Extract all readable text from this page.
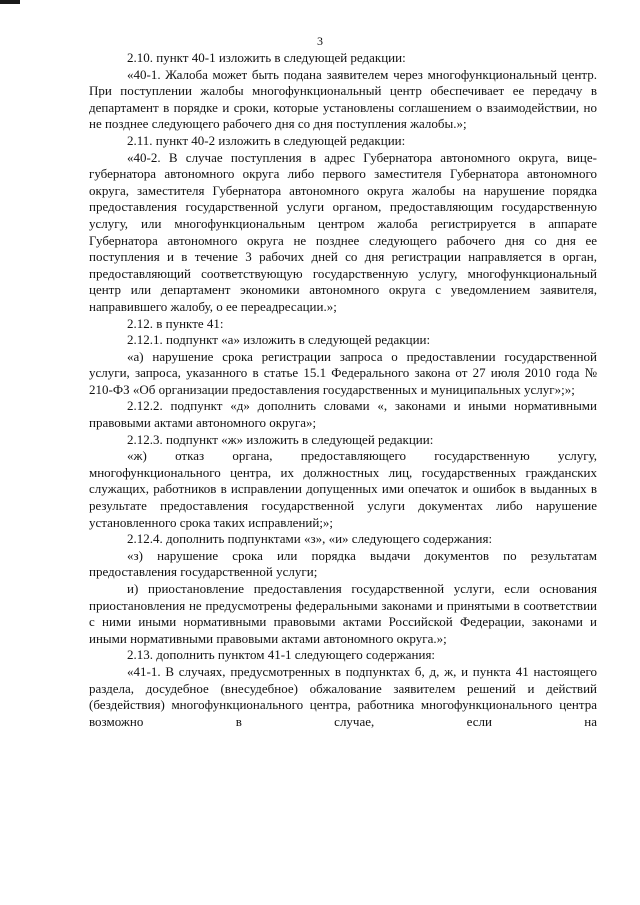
3

2.10. пункт 40-1 изложить в следующей редакции:

«40-1. Жалоба может быть подана заявителем через многофункциональный центр. При поступлении жалобы многофункциональный центр обеспечивает ее передачу в департамент в порядке и сроки, которые установлены соглашением о взаимодействии, но не позднее следующего рабочего дня со дня поступления жалобы.»;

2.11. пункт 40-2 изложить в следующей редакции:

«40-2. В случае поступления в адрес Губернатора автономного округа, вице-губернатора автономного округа либо первого заместителя Губернатора автономного округа, заместителя Губернатора автономного округа жалобы на нарушение порядка предоставления государственной услуги органом, предоставляющим государственную услугу, или многофункциональным центром жалоба регистрируется в аппарате Губернатора автономного округа не позднее следующего рабочего дня со дня ее поступления и в течение 3 рабочих дней со дня регистрации направляется в орган, предоставляющий соответствующую государственную услугу, многофункциональный центр или департамент экономики автономного округа с уведомлением заявителя, направившего жалобу, о ее переадресации.»;

2.12. в пункте 41:

2.12.1. подпункт «а» изложить в следующей редакции:

«а) нарушение срока регистрации запроса о предоставлении государственной услуги, запроса, указанного в статье 15.1 Федерального закона от 27 июля 2010 года № 210-ФЗ «Об организации предоставления государственных и муниципальных услуг»;»;

2.12.2. подпункт «д» дополнить словами «, законами и иными нормативными правовыми актами автономного округа»;

2.12.3. подпункт «ж» изложить в следующей редакции:

«ж) отказ органа, предоставляющего государственную услугу, многофункционального центра, их должностных лиц, государственных гражданских служащих, работников в исправлении допущенных ими опечаток и ошибок в выданных в результате предоставления государственной услуги документах либо нарушение установленного срока таких исправлений;»;

2.12.4. дополнить подпунктами «з», «и» следующего содержания:

«з) нарушение срока или порядка выдачи документов по результатам предоставления государственной услуги;

и) приостановление предоставления государственной услуги, если основания приостановления не предусмотрены федеральными законами и принятыми в соответствии с ними иными нормативными правовыми актами Российской Федерации, законами и иными нормативными правовыми актами автономного округа.»;

2.13. дополнить пунктом 41-1 следующего содержания:

«41-1. В случаях, предусмотренных в подпунктах б, д, ж, и пункта 41 настоящего раздела, досудебное (внесудебное) обжалование заявителем решений и действий (бездействия) многофункционального центра, работника многофункционального центра возможно в случае, если на
